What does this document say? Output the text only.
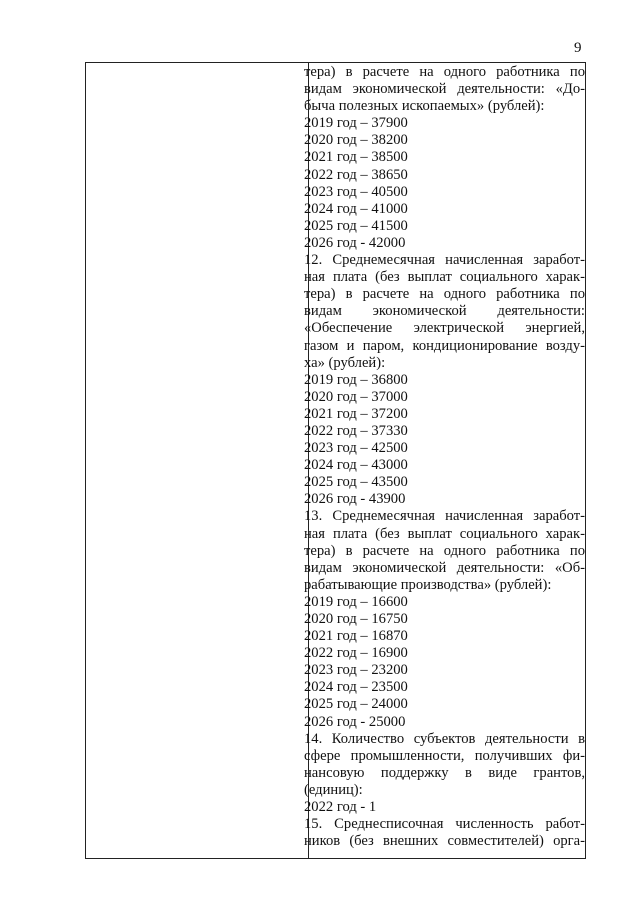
9
тера) в расчете на одного работника по
видам экономической деятельности: «До-
быча полезных ископаемых» (рублей):
2019 год – 37900
2020 год – 38200
2021 год – 38500
2022 год – 38650
2023 год – 40500
2024 год – 41000
2025 год – 41500
2026 год - 42000
12. Среднемесячная начисленная заработ-
ная плата (без выплат социального харак-
тера) в расчете на одного работника по
видам экономической деятельности:
«Обеспечение электрической энергией,
газом и паром, кондиционирование возду-
ха» (рублей):
2019 год – 36800
2020 год – 37000
2021 год – 37200
2022 год – 37330
2023 год – 42500
2024 год – 43000
2025 год – 43500
2026 год - 43900
13. Среднемесячная начисленная заработ-
ная плата (без выплат социального харак-
тера) в расчете на одного работника по
видам экономической деятельности: «Об-
рабатывающие производства» (рублей):
2019 год – 16600
2020 год – 16750
2021 год – 16870
2022 год – 16900
2023 год – 23200
2024 год – 23500
2025 год – 24000
2026 год - 25000
14. Количество субъектов деятельности в
сфере промышленности, получивших фи-
нансовую поддержку в виде грантов,
(единиц):
2022 год - 1
15. Среднесписочная численность работ-
ников (без внешних совместителей) орга-
